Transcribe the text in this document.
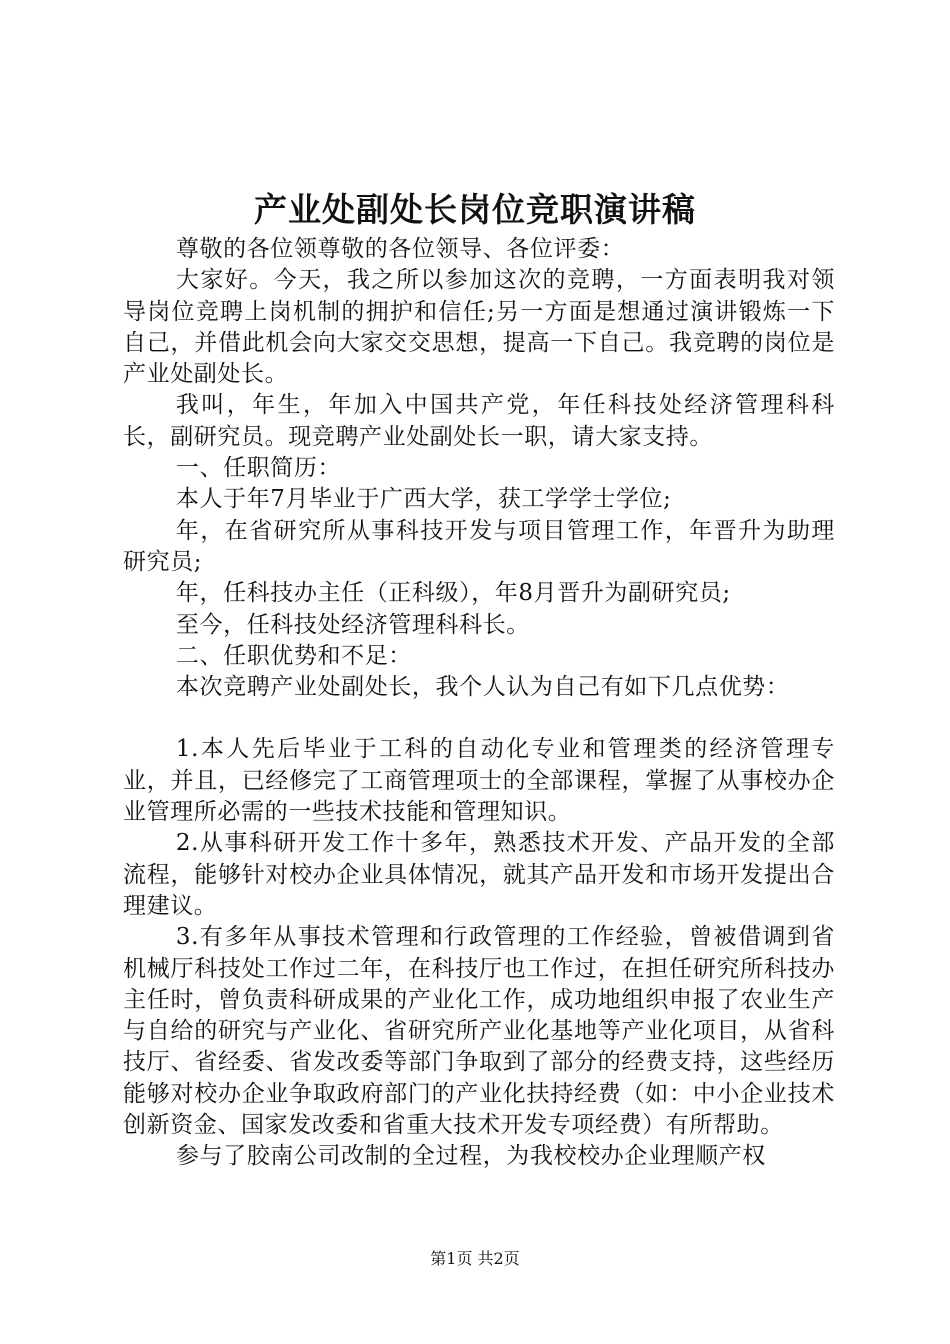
产业处副处长岗位竞职演讲稿

尊敬的各位领尊敬的各位领导、各位评委：

大家好。今天，我之所以参加这次的竞聘，一方面表明我对领导岗位竞聘上岗机制的拥护和信任;另一方面是想通过演讲锻炼一下自己，并借此机会向大家交交思想，提高一下自己。我竞聘的岗位是产业处副处长。

我叫，年生，年加入中国共产党，年任科技处经济管理科科长，副研究员。现竞聘产业处副处长一职，请大家支持。

一、任职简历：

本人于年7月毕业于广西大学，获工学学士学位;

年，在省研究所从事科技开发与项目管理工作，年晋升为助理研究员;

年，任科技办主任（正科级），年8月晋升为副研究员;

至今，任科技处经济管理科科长。

二、任职优势和不足：

本次竞聘产业处副处长，我个人认为自己有如下几点优势：

1.本人先后毕业于工科的自动化专业和管理类的经济管理专业，并且，已经修完了工商管理项士的全部课程，掌握了从事校办企业管理所必需的一些技术技能和管理知识。

2.从事科研开发工作十多年，熟悉技术开发、产品开发的全部流程，能够针对校办企业具体情况，就其产品开发和市场开发提出合理建议。

3.有多年从事技术管理和行政管理的工作经验，曾被借调到省机械厅科技处工作过二年，在科技厅也工作过，在担任研究所科技办主任时，曾负责科研成果的产业化工作，成功地组织申报了农业生产与自给的研究与产业化、省研究所产业化基地等产业化项目，从省科技厅、省经委、省发改委等部门争取到了部分的经费支持，这些经历能够对校办企业争取政府部门的产业化扶持经费（如：中小企业技术创新资金、国家发改委和省重大技术开发专项经费）有所帮助。

参与了胶南公司改制的全过程，为我校校办企业理顺产权

第1页 共2页
